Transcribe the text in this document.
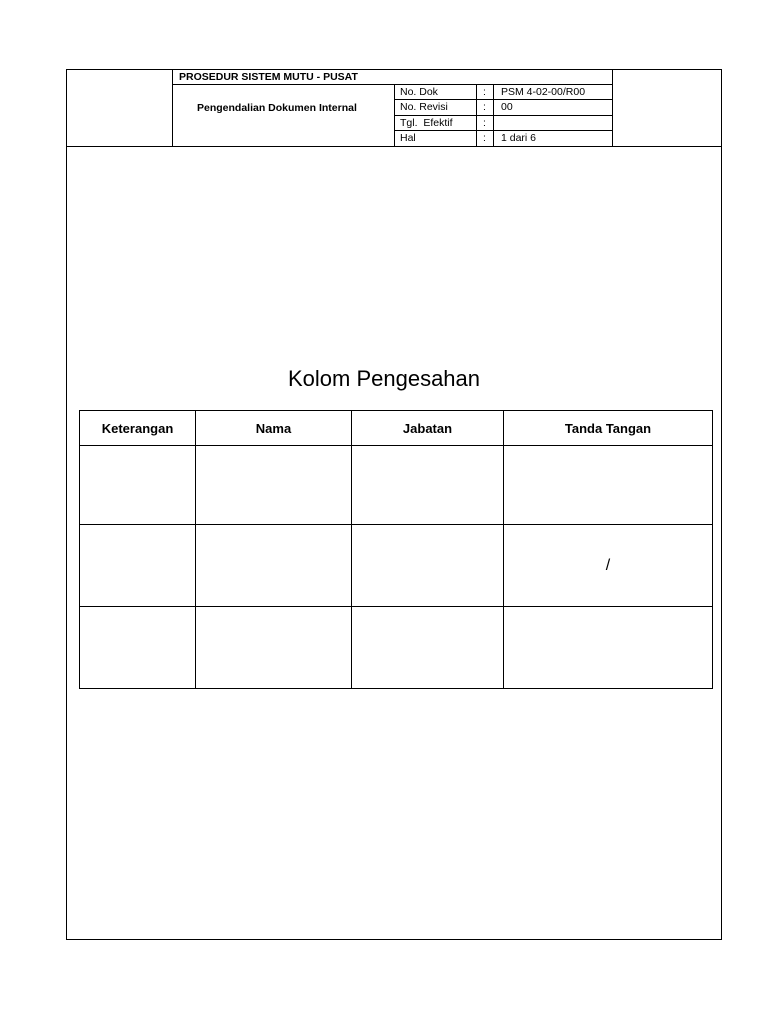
PROSEDUR SISTEM MUTU - PUSAT
Pengendalian Dokumen Internal
No. Dok	: PSM 4-02-00/R00
No. Revisi	: 00
Tgl.  Efektif	:
Hal	: 1 dari 6
Kolom Pengesahan
Keterangan	Nama	Jabatan	Tanda Tangan

			/
